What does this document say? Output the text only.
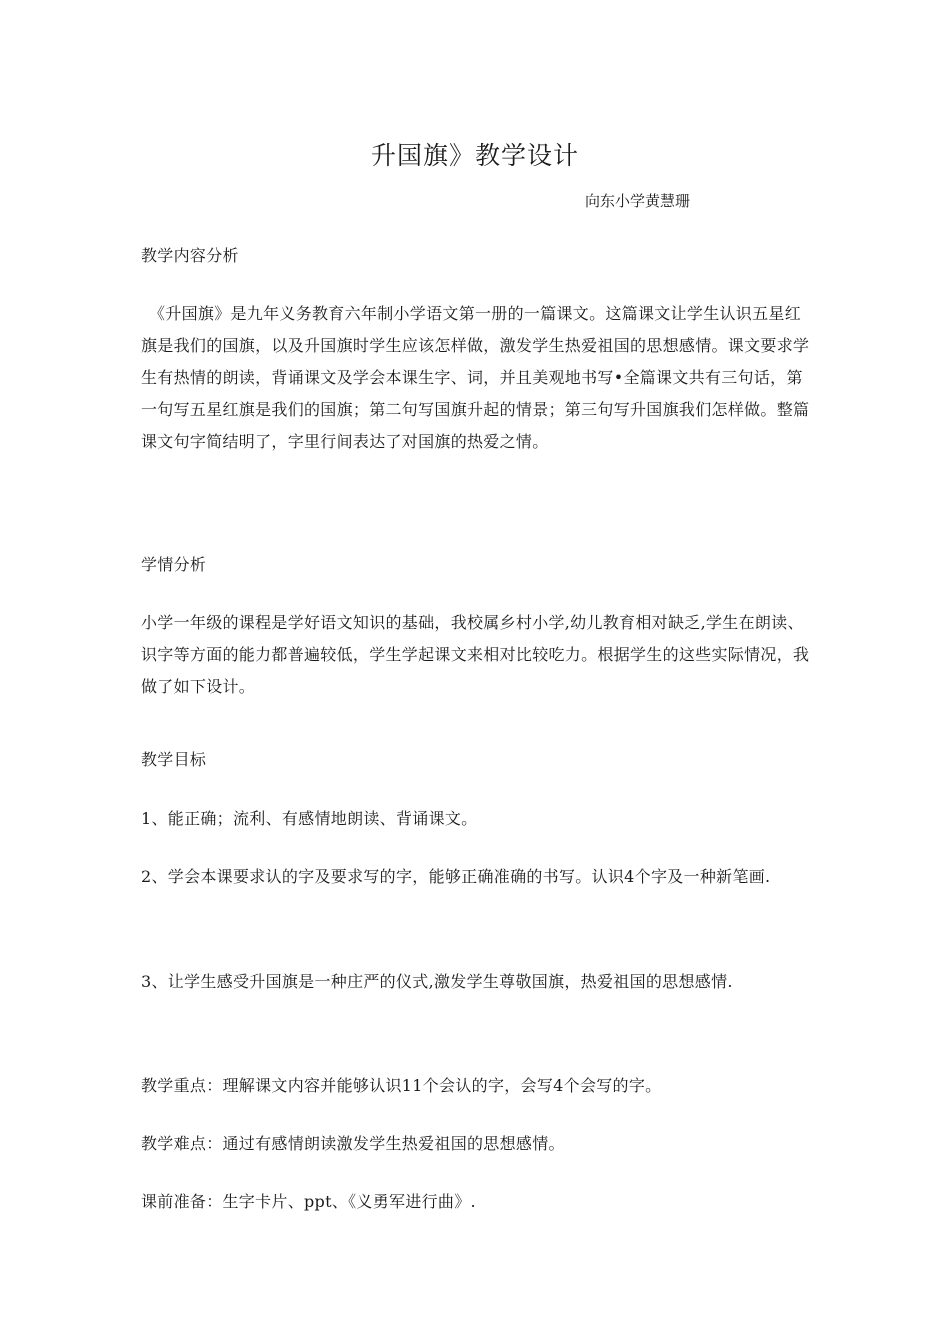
升国旗》教学设计

向东小学黄慧珊

教学内容分析

《升国旗》是九年义务教育六年制小学语文第一册的一篇课文。这篇课文让学生认识五星红旗是我们的国旗，以及升国旗时学生应该怎样做，激发学生热爱祖国的思想感情。课文要求学生有热情的朗读，背诵课文及学会本课生字、词，并且美观地书写•全篇课文共有三句话，第一句写五星红旗是我们的国旗；第二句写国旗升起的情景；第三句写升国旗我们怎样做。整篇课文句字简结明了，字里行间表达了对国旗的热爱之情。

学情分析

小学一年级的课程是学好语文知识的基础，我校属乡村小学,幼儿教育相对缺乏,学生在朗读、识字等方面的能力都普遍较低，学生学起课文来相对比较吃力。根据学生的这些实际情况，我做了如下设计。

教学目标

1、能正确；流利、有感情地朗读、背诵课文。

2、学会本课要求认的字及要求写的字，能够正确准确的书写。认识4个字及一种新笔画.

3、让学生感受升国旗是一种庄严的仪式,激发学生尊敬国旗，热爱祖国的思想感情.

教学重点：理解课文内容并能够认识11个会认的字，会写4个会写的字。

教学难点：通过有感情朗读激发学生热爱祖国的思想感情。

课前准备：生字卡片、ppt、《义勇军进行曲》.
